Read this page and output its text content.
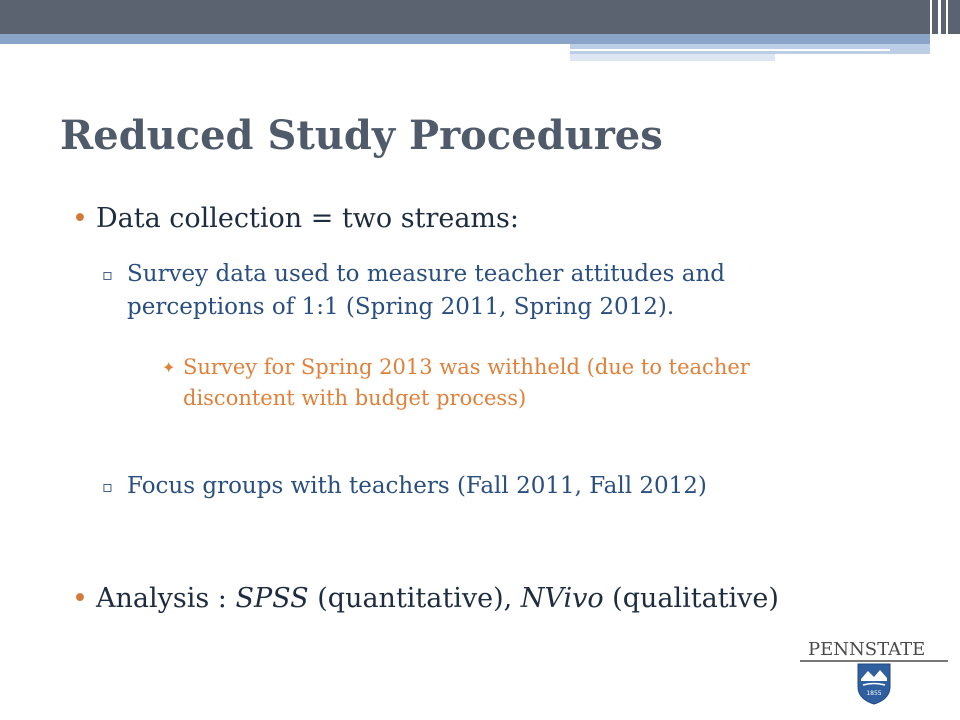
Reduced Study Procedures
• Data collection = two streams:
▫ Survey data used to measure teacher attitudes and perceptions of 1:1 (Spring 2011, Spring 2012).
✦ Survey for Spring 2013 was withheld (due to teacher discontent with budget process)
▫ Focus groups with teachers (Fall 2011, Fall 2012)
• Analysis : SPSS (quantitative), NVivo (qualitative)
PENNSTATE
1855
